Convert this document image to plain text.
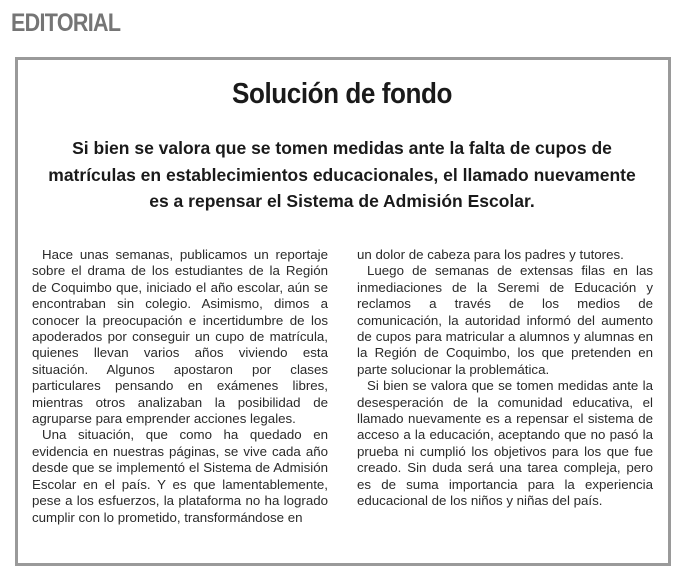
EDITORIAL
Solución de fondo
Si bien se valora que se tomen medidas ante la falta de cupos de matrículas en establecimientos educacionales, el llamado nuevamente es a repensar el Sistema de Admisión Escolar.

Hace unas semanas, publicamos un reportaje sobre el drama de los estudiantes de la Región de Coquimbo que, iniciado el año escolar, aún se encontraban sin colegio. Asimismo, dimos a conocer la preocupación e incertidumbre de los apoderados por conseguir un cupo de matrícula, quienes llevan varios años viviendo esta situación. Algunos apostaron por clases particulares pensando en exámenes libres, mientras otros analizaban la posibilidad de agruparse para emprender acciones legales.

Una situación, que como ha quedado en evidencia en nuestras páginas, se vive cada año desde que se implementó el Sistema de Admisión Escolar en el país. Y es que lamentablemente, pese a los esfuerzos, la plataforma no ha logrado cumplir con lo prometido, transformándose en

un dolor de cabeza para los padres y tutores.

Luego de semanas de extensas filas en las inmediaciones de la Seremi de Educación y reclamos a través de los medios de comunicación, la autoridad informó del aumento de cupos para matricular a alumnos y alumnas en la Región de Coquimbo, los que pretenden en parte solucionar la problemática.

Si bien se valora que se tomen medidas ante la desesperación de la comunidad educativa, el llamado nuevamente es a repensar el sistema de acceso a la educación, aceptando que no pasó la prueba ni cumplió los objetivos para los que fue creado. Sin duda será una tarea compleja, pero es de suma importancia para la experiencia educacional de los niños y niñas del país.
